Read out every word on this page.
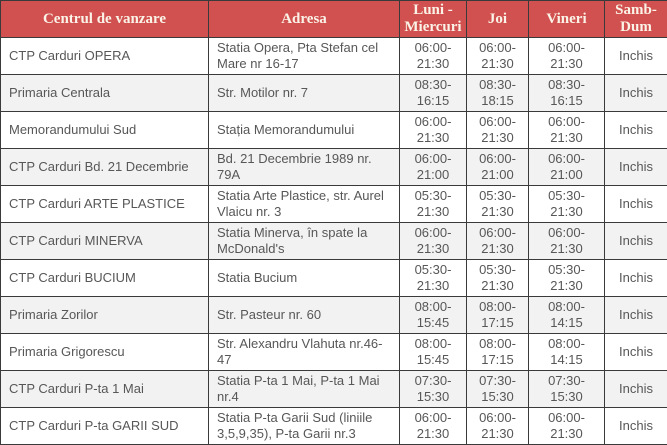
Centrul de vanzare	Adresa	Luni - Miercuri	Joi	Vineri	Samb-Dum
CTP Carduri OPERA	Statia Opera, Pta Stefan cel Mare nr 16-17	06:00-21:30	06:00-21:30	06:00-21:30	Inchis
Primaria Centrala	Str. Motilor nr. 7	08:30-16:15	08:30-18:15	08:30-16:15	Inchis
Memorandumului Sud	Stația Memorandumului	06:00-21:30	06:00-21:30	06:00-21:30	Inchis
CTP Carduri Bd. 21 Decembrie	Bd. 21 Decembrie 1989 nr. 79A	06:00-21:00	06:00-21:00	06:00-21:00	Inchis
CTP Carduri ARTE PLASTICE	Statia Arte Plastice, str. Aurel Vlaicu nr. 3	05:30-21:30	05:30-21:30	05:30-21:30	Inchis
CTP Carduri MINERVA	Statia Minerva, în spate la McDonald's	06:00-21:30	06:00-21:30	06:00-21:30	Inchis
CTP Carduri BUCIUM	Statia Bucium	05:30-21:30	05:30-21:30	05:30-21:30	Inchis
Primaria Zorilor	Str. Pasteur nr. 60	08:00-15:45	08:00-17:15	08:00-14:15	Inchis
Primaria Grigorescu	Str. Alexandru Vlahuta nr.46-47	08:00-15:45	08:00-17:15	08:00-14:15	Inchis
CTP Carduri P-ta 1 Mai	Statia P-ta 1 Mai, P-ta 1 Mai nr.4	07:30-15:30	07:30-15:30	07:30-15:30	Inchis
CTP Carduri P-ta GARII SUD	Statia P-ta Garii Sud (liniile 3,5,9,35), P-ta Garii nr.3	06:00-21:30	06:00-21:30	06:00-21:30	Inchis
